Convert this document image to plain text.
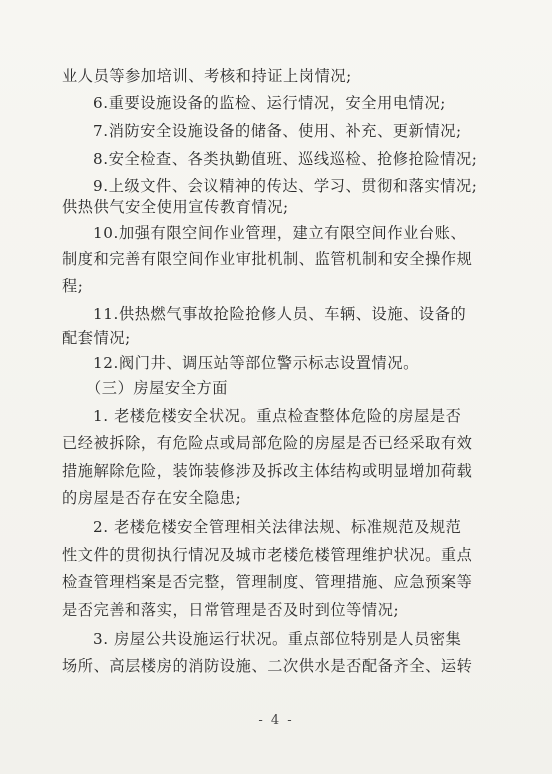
业人员等参加培训、考核和持证上岗情况;
6.重要设施设备的监检、运行情况，安全用电情况;
7.消防安全设施设备的储备、使用、补充、更新情况;
8.安全检查、各类执勤值班、巡线巡检、抢修抢险情况;
9.上级文件、会议精神的传达、学习、贯彻和落实情况;
供热供气安全使用宣传教育情况;
10.加强有限空间作业管理，建立有限空间作业台账、
制度和完善有限空间作业审批机制、监管机制和安全操作规
程;
11.供热燃气事故抢险抢修人员、车辆、设施、设备的
配套情况;
12.阀门井、调压站等部位警示标志设置情况。
（三）房屋安全方面
1. 老楼危楼安全状况。重点检查整体危险的房屋是否
已经被拆除，有危险点或局部危险的房屋是否已经采取有效
措施解除危险，装饰装修涉及拆改主体结构或明显增加荷载
的房屋是否存在安全隐患;
2. 老楼危楼安全管理相关法律法规、标准规范及规范
性文件的贯彻执行情况及城市老楼危楼管理维护状况。重点
检查管理档案是否完整，管理制度、管理措施、应急预案等
是否完善和落实，日常管理是否及时到位等情况;
3. 房屋公共设施运行状况。重点部位特别是人员密集
场所、高层楼房的消防设施、二次供水是否配备齐全、运转
- 4 -
